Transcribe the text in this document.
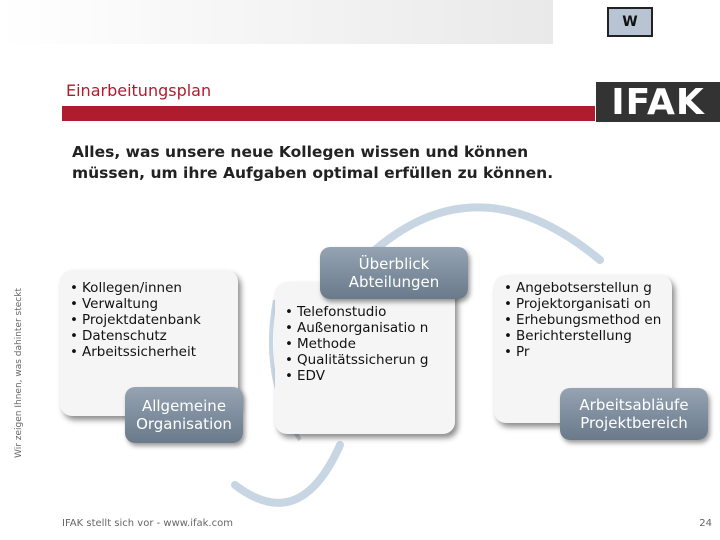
W
Einarbeitungsplan	IFAK
Alles, was unsere neue Kollegen wissen und können
müssen, um ihre Aufgaben optimal erfüllen zu können.
Wir zeigen Ihnen, was dahinter steckt	• Kollegen/innen
• Verwaltung
• Projektdatenbank
• Datenschutz
• Arbeitssicherheit
Allgemeine Organisation
• Telefonstudio
• Außenorganisatio n
• Methode
• Qualitätssicherun g
• EDV
Überblick Abteilungen	• Angebotserstellun g
• Projektorganisati on
• Erhebungsmethod en
• Berichterstellung
• Pr
Arbeitsabläufe Projektbereich
IFAK stellt sich vor - www.ifak.com	24
